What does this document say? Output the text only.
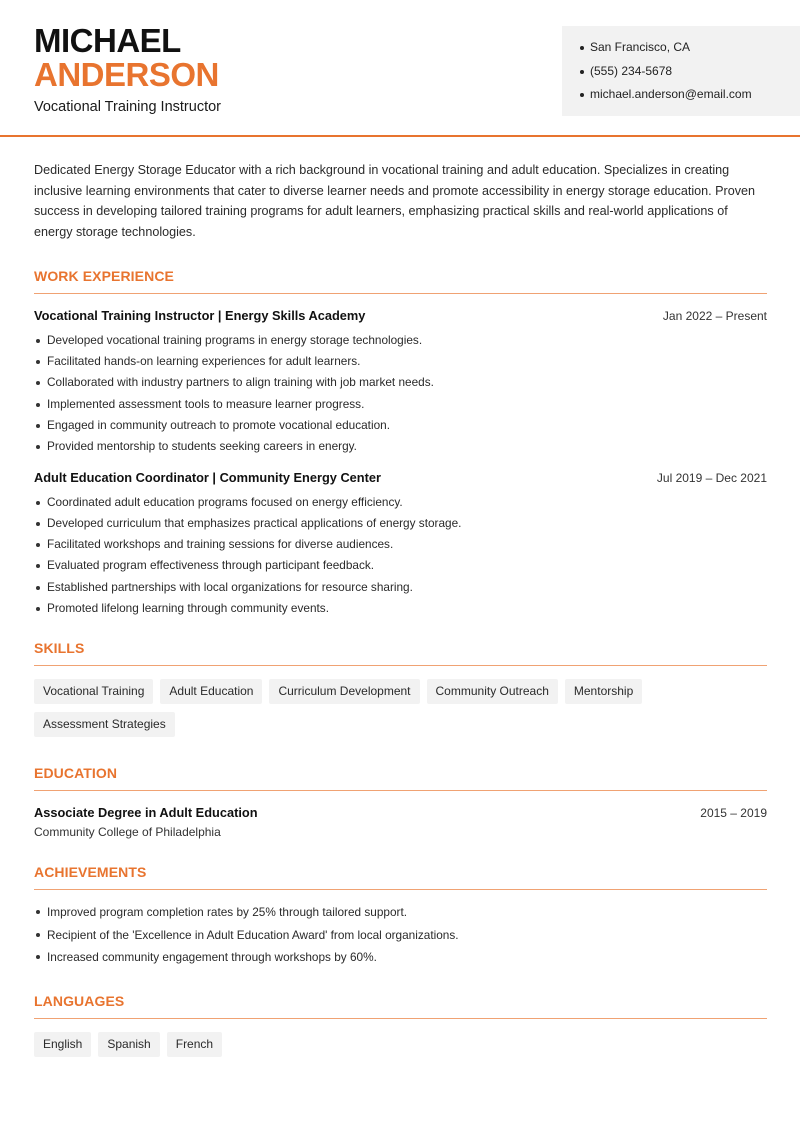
MICHAEL
ANDERSON
Vocational Training Instructor
San Francisco, CA
(555) 234-5678
michael.anderson@email.com

Dedicated Energy Storage Educator with a rich background in vocational training and adult education. Specializes in creating inclusive learning environments that cater to diverse learner needs and promote accessibility in energy storage education. Proven success in developing tailored training programs for adult learners, emphasizing practical skills and real-world applications of energy storage technologies.

WORK EXPERIENCE
Vocational Training Instructor | Energy Skills Academy	Jan 2022 – Present
Developed vocational training programs in energy storage technologies.
Facilitated hands-on learning experiences for adult learners.
Collaborated with industry partners to align training with job market needs.
Implemented assessment tools to measure learner progress.
Engaged in community outreach to promote vocational education.
Provided mentorship to students seeking careers in energy.
Adult Education Coordinator | Community Energy Center	Jul 2019 – Dec 2021
Coordinated adult education programs focused on energy efficiency.
Developed curriculum that emphasizes practical applications of energy storage.
Facilitated workshops and training sessions for diverse audiences.
Evaluated program effectiveness through participant feedback.
Established partnerships with local organizations for resource sharing.
Promoted lifelong learning through community events.
SKILLS
Vocational Training	Adult Education	Curriculum Development	Community Outreach	Mentorship
Assessment Strategies
EDUCATION
Associate Degree in Adult Education	2015 – 2019
Community College of Philadelphia
ACHIEVEMENTS
Improved program completion rates by 25% through tailored support.
Recipient of the 'Excellence in Adult Education Award' from local organizations.
Increased community engagement through workshops by 60%.
LANGUAGES
English	Spanish	French
